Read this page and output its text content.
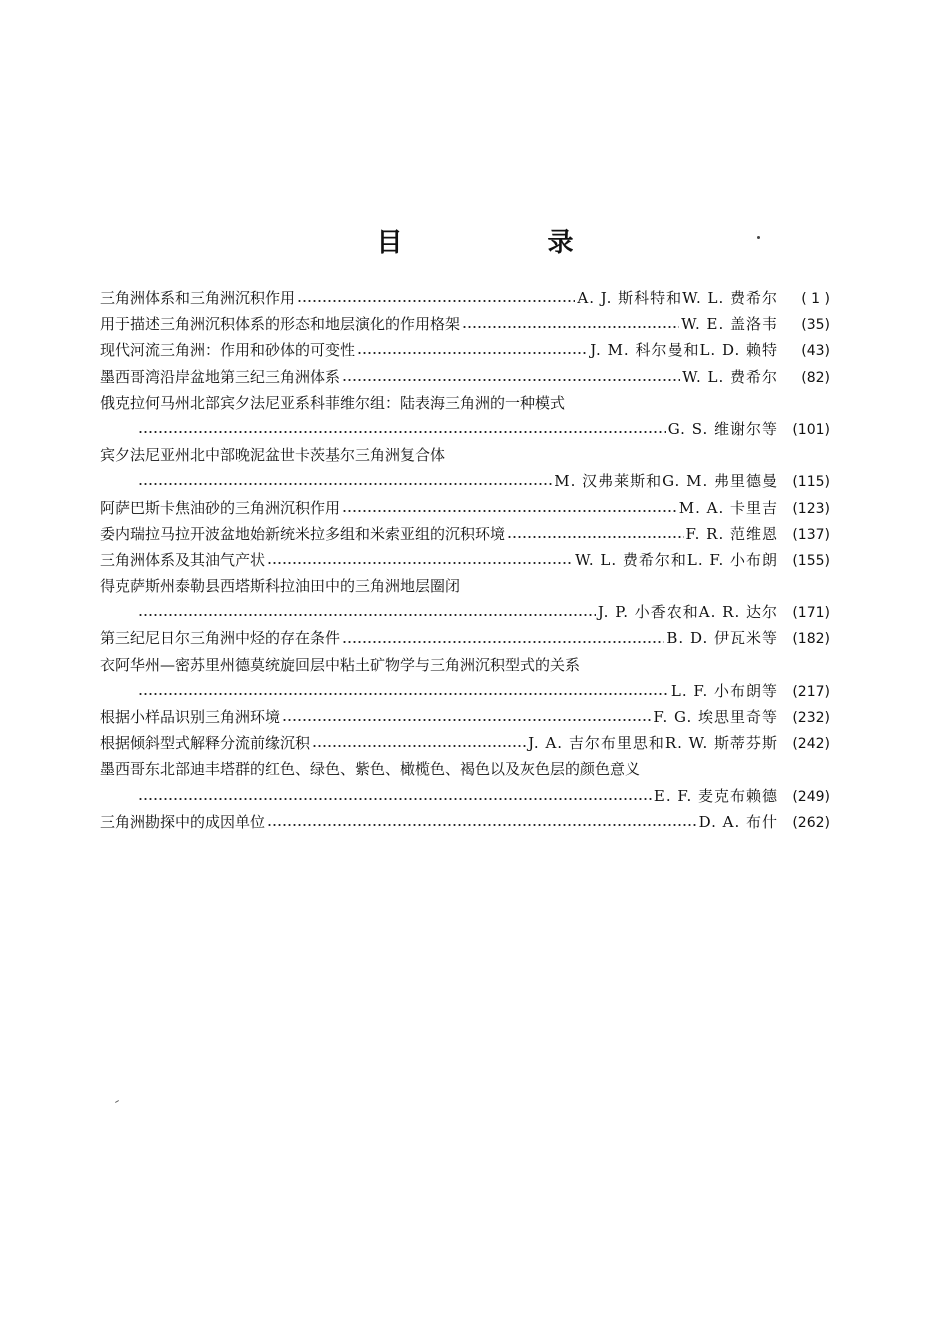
目 录
三角洲体系和三角洲沉积作用	A. J. 斯科特和W. L. 费希尔	( 1 )
用于描述三角洲沉积体系的形态和地层演化的作用格架	W. E. 盖洛韦	(35)
现代河流三角洲：作用和砂体的可变性	J. M. 科尔曼和L. D. 赖特	(43)
墨西哥湾沿岸盆地第三纪三角洲体系	W. L. 费希尔	(82)
俄克拉何马州北部宾夕法尼亚系科菲维尔组：陆表海三角洲的一种模式
G. S. 维谢尔等	(101)
宾夕法尼亚州北中部晚泥盆世卡茨基尔三角洲复合体
M. 汉弗莱斯和G. M. 弗里德曼	(115)
阿萨巴斯卡焦油砂的三角洲沉积作用	M. A. 卡里吉	(123)
委内瑞拉马拉开波盆地始新统米拉多组和米索亚组的沉积环境	F. R. 范维恩	(137)
三角洲体系及其油气产状	W. L. 费希尔和L. F. 小布朗	(155)
得克萨斯州泰勒县西塔斯科拉油田中的三角洲地层圈闭
J. P. 小香农和A. R. 达尔	(171)
第三纪尼日尔三角洲中烃的存在条件	B. D. 伊瓦米等	(182)
衣阿华州—密苏里州德莫统旋回层中粘土矿物学与三角洲沉积型式的关系
L. F. 小布朗等	(217)
根据小样品识别三角洲环境	F. G. 埃思里奇等	(232)
根据倾斜型式解释分流前缘沉积	J. A. 吉尔布里思和R. W. 斯蒂芬斯	(242)
墨西哥东北部迪丰塔群的红色、绿色、紫色、橄榄色、褐色以及灰色层的颜色意义
E. F. 麦克布赖德	(249)
三角洲勘探中的成因单位	D. A. 布什	(262)
